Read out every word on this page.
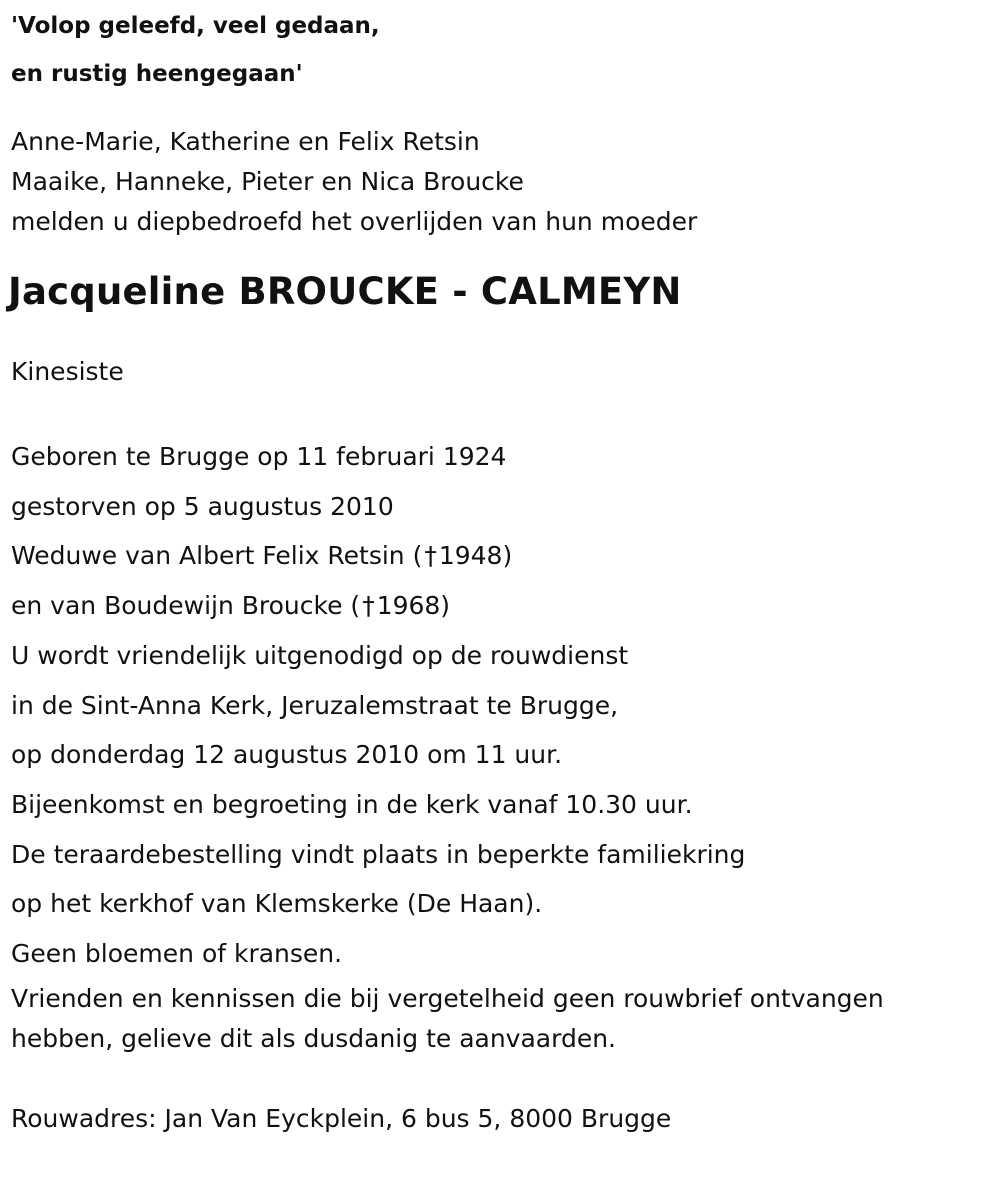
'Volop geleefd, veel gedaan,
en rustig heengegaan'
Anne-Marie, Katherine en Felix Retsin
Maaike, Hanneke, Pieter en Nica Broucke
melden u diepbedroefd het overlijden van hun moeder
Jacqueline BROUCKE - CALMEYN
Kinesiste
Geboren te Brugge op 11 februari 1924
gestorven op 5 augustus 2010
Weduwe van Albert Felix Retsin (†1948)
en van Boudewijn Broucke (†1968)
U wordt vriendelijk uitgenodigd op de rouwdienst
in de Sint-Anna Kerk, Jeruzalemstraat te Brugge,
op donderdag 12 augustus 2010 om 11 uur.
Bijeenkomst en begroeting in de kerk vanaf 10.30 uur.
De teraardebestelling vindt plaats in beperkte familiekring
op het kerkhof van Klemskerke (De Haan).
Geen bloemen of kransen.
Vrienden en kennissen die bij vergetelheid geen rouwbrief ontvangen
hebben, gelieve dit als dusdanig te aanvaarden.
Rouwadres: Jan Van Eyckplein, 6 bus 5, 8000 Brugge
